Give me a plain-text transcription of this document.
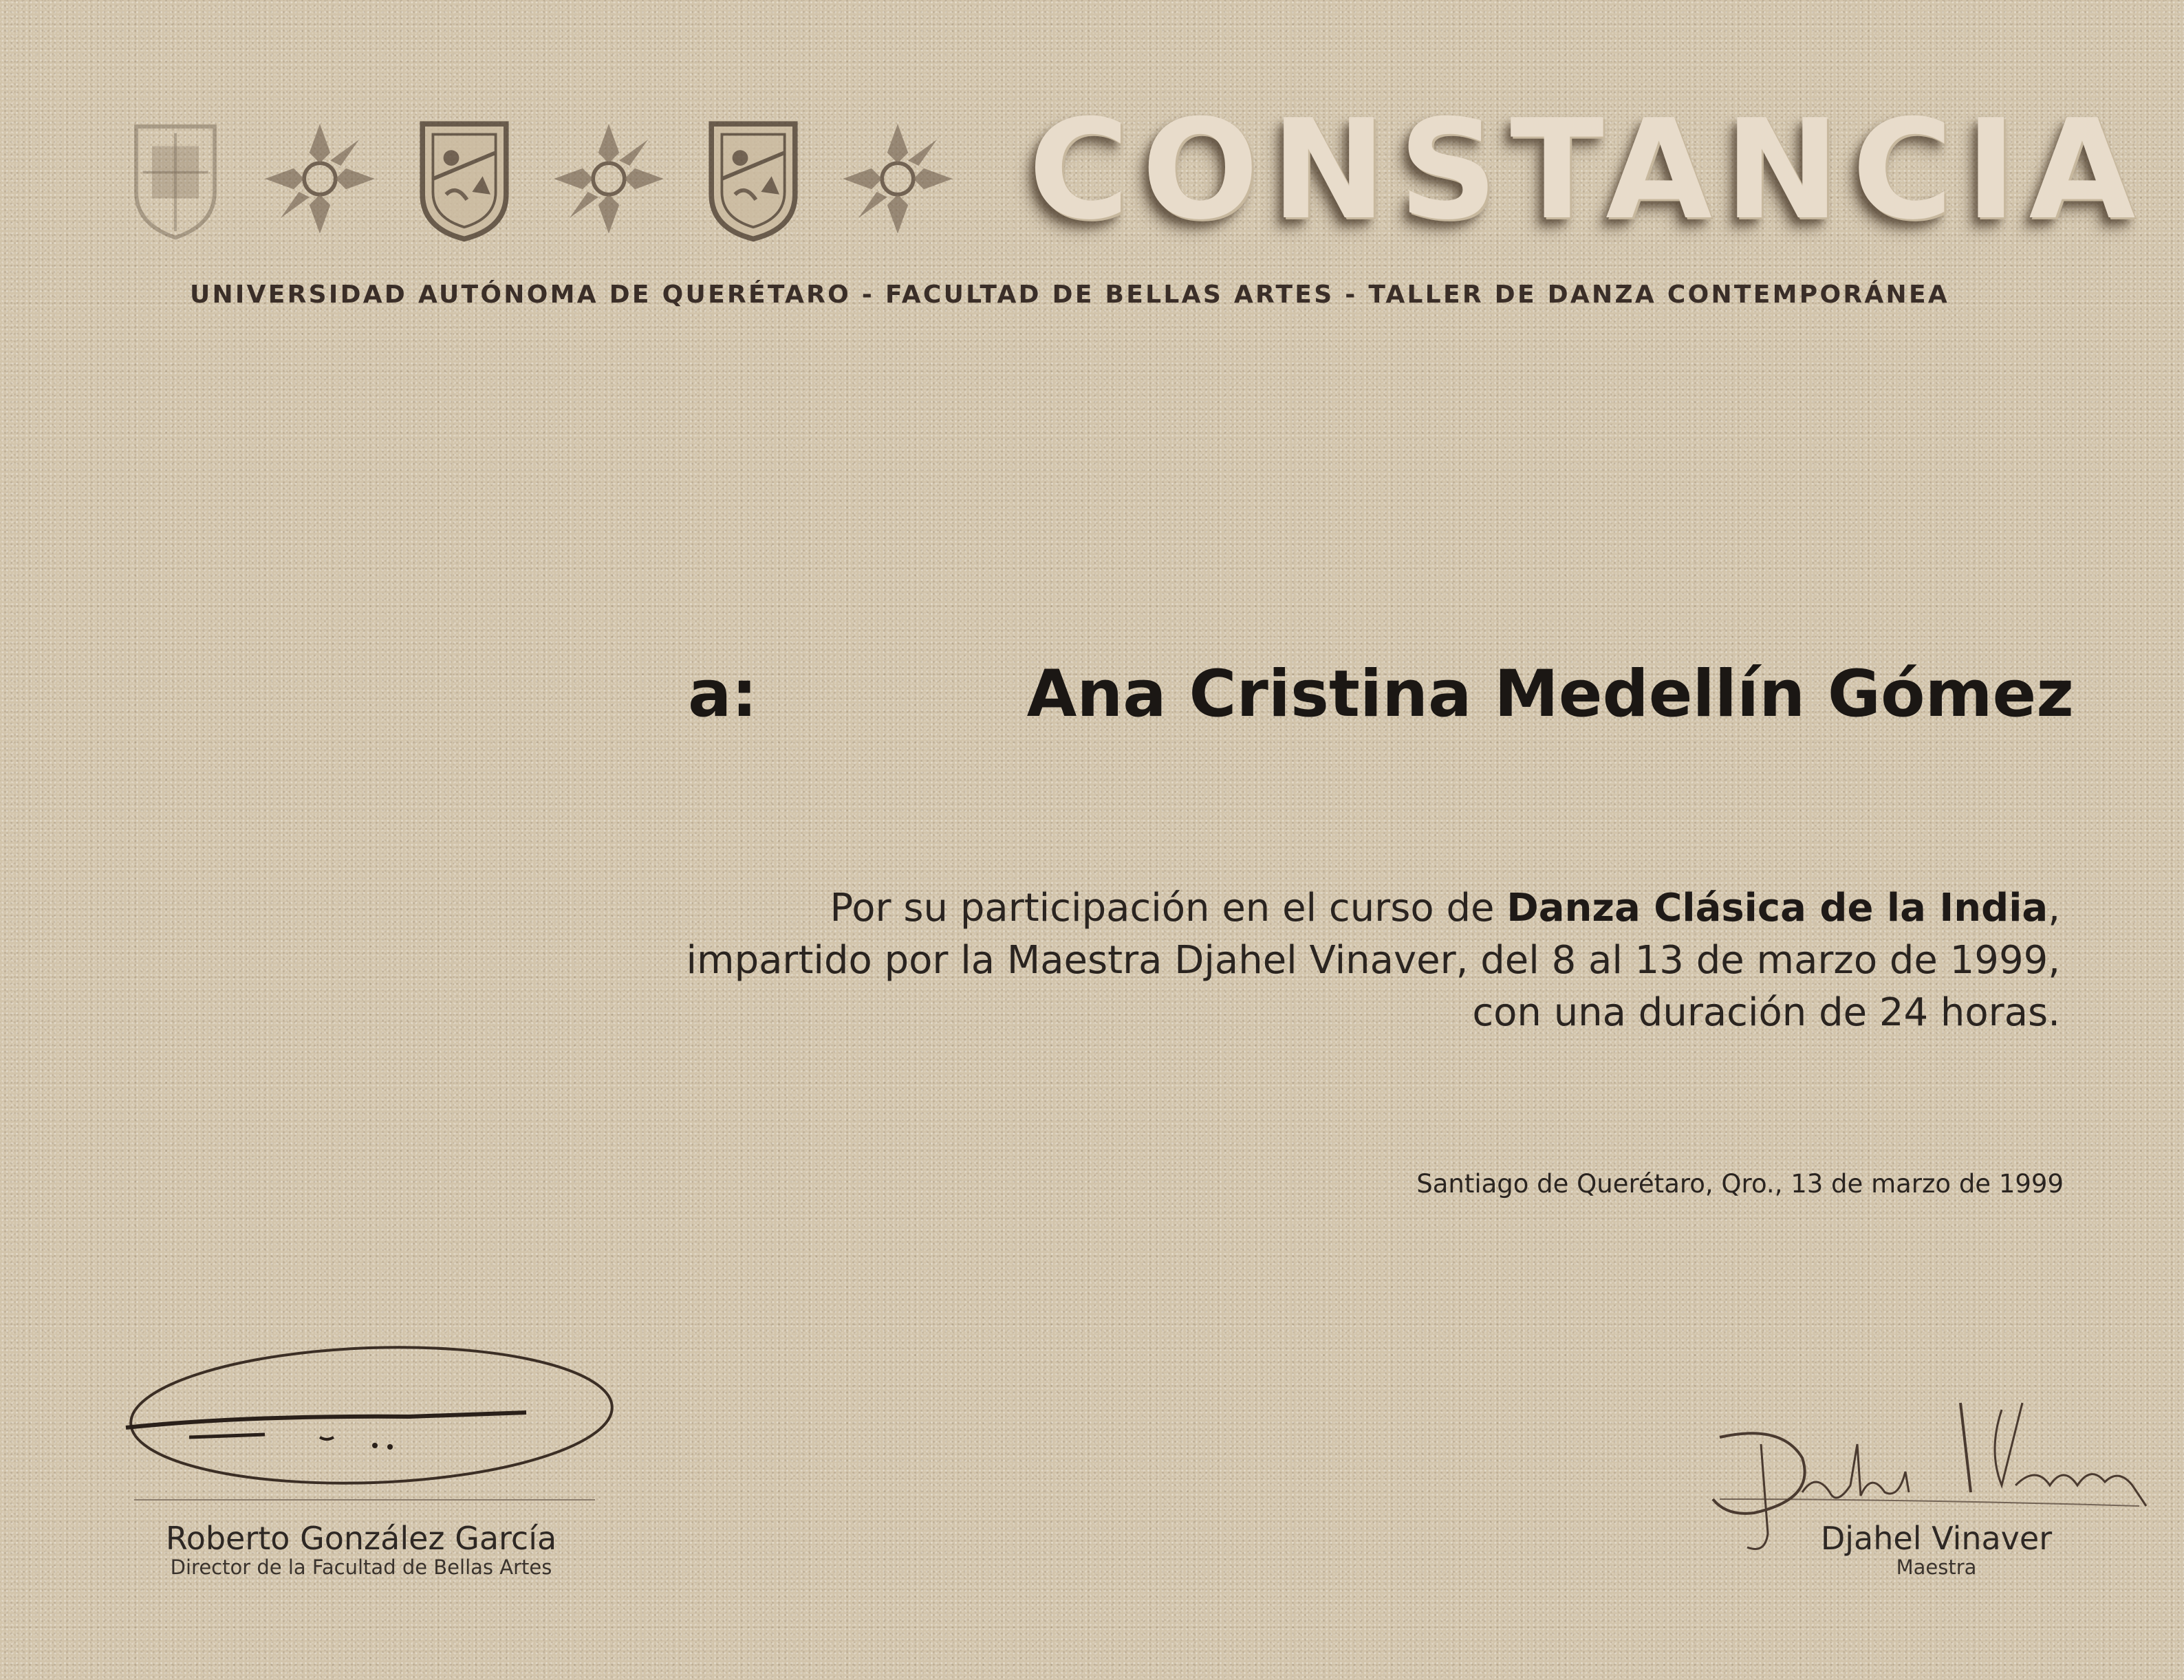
CONSTANCIA
UNIVERSIDAD AUTÓNOMA DE QUERÉTARO - FACULTAD DE BELLAS ARTES - TALLER DE DANZA CONTEMPORÁNEA
a:	Ana Cristina Medellín Gómez
Por su participación en el curso de Danza Clásica de la India,
impartido por la Maestra Djahel Vinaver, del 8 al 13 de marzo de 1999,
con una duración de 24 horas.
Santiago de Querétaro, Qro., 13 de marzo de 1999
Roberto González García
Director de la Facultad de Bellas Artes
Djahel Vinaver
Maestra
